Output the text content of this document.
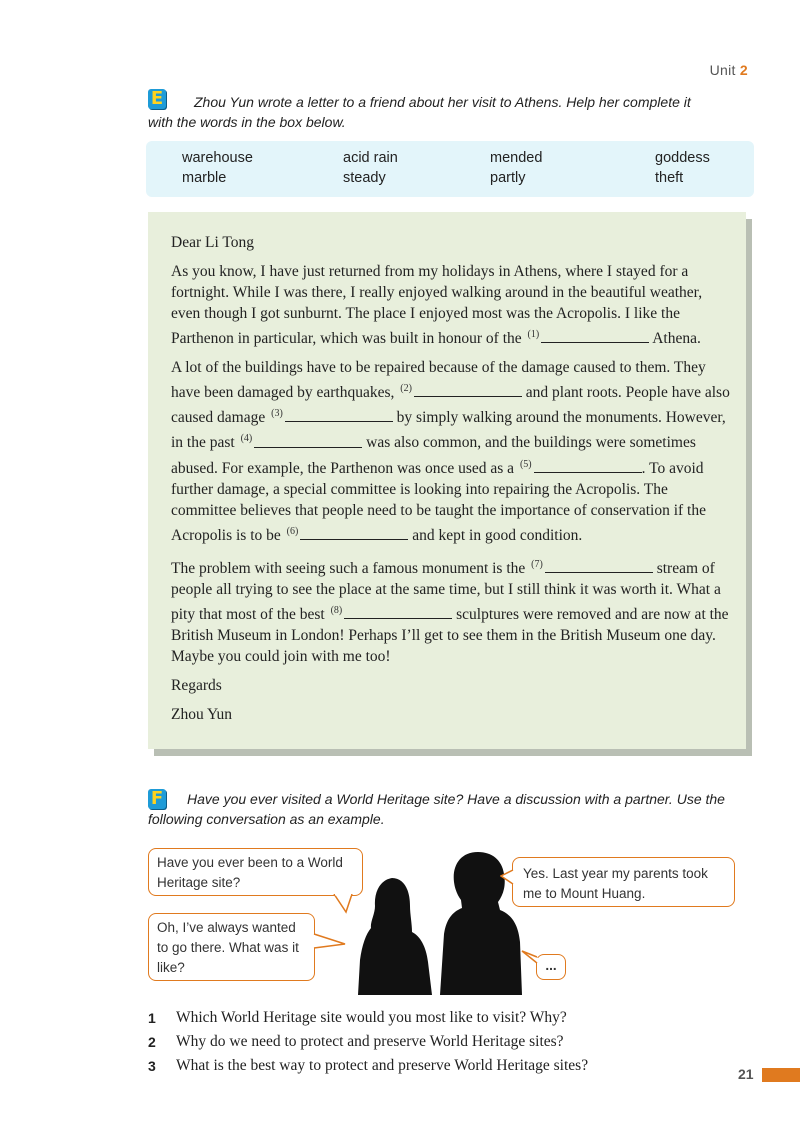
Unit 2
E Zhou Yun wrote a letter to a friend about her visit to Athens. Help her complete it
with the words in the box below.
warehouse	acid rain	mended	goddess
marble	steady	partly	theft

Dear Li Tong

As you know, I have just returned from my holidays in Athens, where I stayed for a fortnight. While I was there, I really enjoyed walking around in the beautiful weather, even though I got sunburnt. The place I enjoyed most was the Acropolis. I like the Parthenon in particular, which was built in honour of the $^{(1)}$	Athena.

A lot of the buildings have to be repaired because of the damage caused to them. They have been damaged by earthquakes, $^{(2)}$	and plant roots. People have also caused damage $^{(3)}$	by simply walking around the monuments. However, in the past $^{(4)}$	was also common, and the buildings were sometimes abused. For example, the Parthenon was once used as a $^{(5)}$	. To avoid further damage, a special committee is looking into repairing the Acropolis. The committee believes that people need to be taught the importance of conservation if the Acropolis is to be $^{(6)}$	and kept in good condition.

The problem with seeing such a famous monument is the $^{(7)}$	stream of people all trying to see the place at the same time, but I still think it was worth it. What a pity that most of the best $^{(8)}$	sculptures were removed and are now at the British Museum in London! Perhaps I’ll get to see them in the British Museum one day. Maybe you could join with me too!

Regards

Zhou Yun

F Have you ever visited a World Heritage site? Have a discussion with a partner. Use the
following conversation as an example.
Have you ever been to a World Heritage site?
Yes. Last year my parents took me to Mount Huang.
Oh, I’ve always wanted to go there. What was it like?	...
1 Which World Heritage site would you most like to visit? Why?
2 Why do we need to protect and preserve World Heritage sites?
3 What is the best way to protect and preserve World Heritage sites?	21
